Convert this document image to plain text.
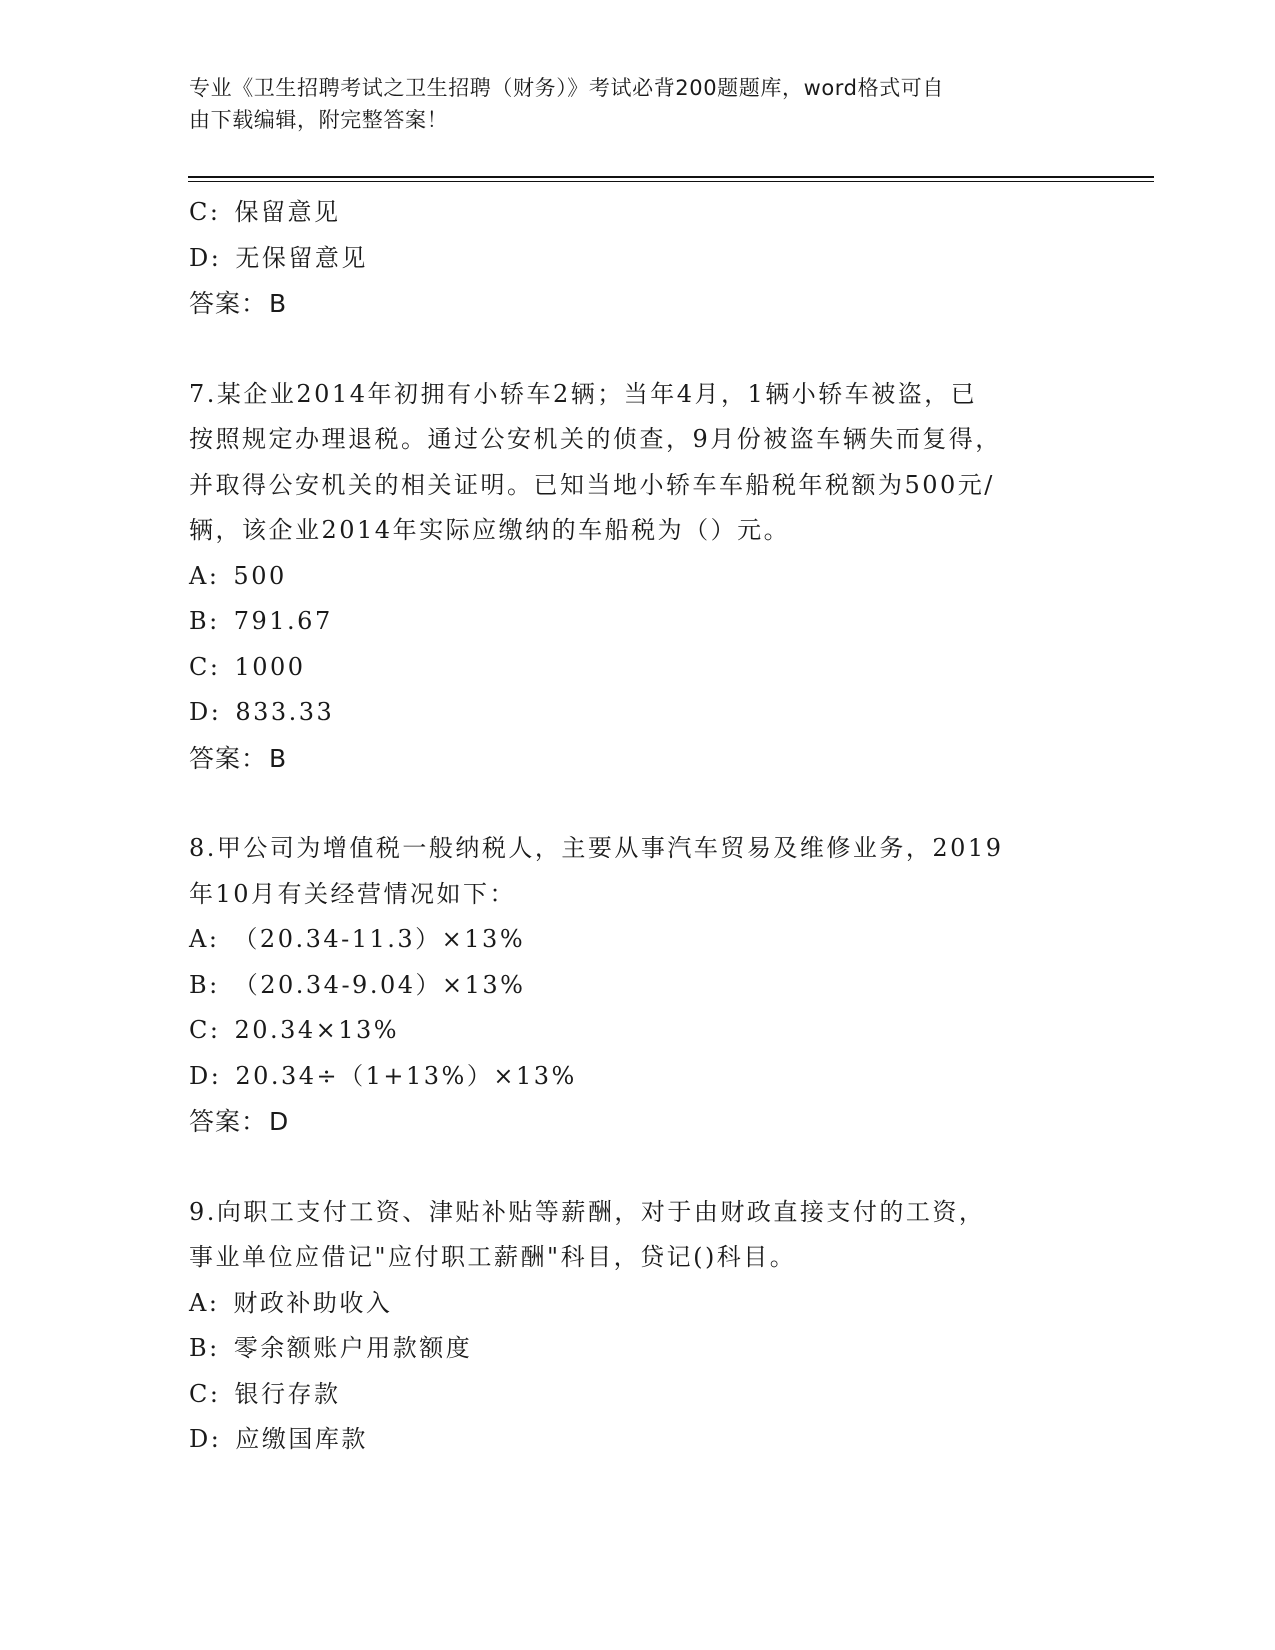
专业《卫生招聘考试之卫生招聘（财务）》考试必背200题题库，word格式可自
由下载编辑，附完整答案！
C: 保留意见
D: 无保留意见
答案：B
7.某企业2014年初拥有小轿车2辆；当年4月，1辆小轿车被盗，已
按照规定办理退税。通过公安机关的侦查，9月份被盗车辆失而复得，
并取得公安机关的相关证明。已知当地小轿车车船税年税额为500元/
辆，该企业2014年实际应缴纳的车船税为（）元。
A: 500
B: 791.67
C: 1000
D: 833.33
答案：B
8.甲公司为增值税一般纳税人，主要从事汽车贸易及维修业务，2019
年10月有关经营情况如下：
A: （20.34-11.3）×13%
B: （20.34-9.04）×13%
C: 20.34×13%
D: 20.34÷（1+13%）×13%
答案：D
9.向职工支付工资、津贴补贴等薪酬，对于由财政直接支付的工资，
事业单位应借记"应付职工薪酬"科目，贷记()科目。
A: 财政补助收入
B: 零余额账户用款额度
C: 银行存款
D: 应缴国库款
